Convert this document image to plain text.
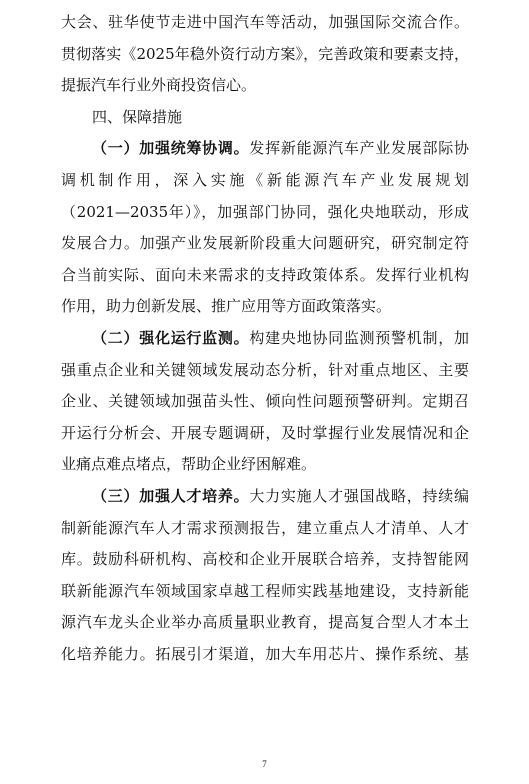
大会、驻华使节走进中国汽车等活动，加强国际交流合作。
贯彻落实《2025年稳外资行动方案》，完善政策和要素支持，
提振汽车行业外商投资信心。
四、保障措施
（一）加强统筹协调。发挥新能源汽车产业发展部际协
调机制作用，深入实施《新能源汽车产业发展规划
（2021—2035年）》，加强部门协同，强化央地联动，形成
发展合力。加强产业发展新阶段重大问题研究，研究制定符
合当前实际、面向未来需求的支持政策体系。发挥行业机构
作用，助力创新发展、推广应用等方面政策落实。
（二）强化运行监测。构建央地协同监测预警机制，加
强重点企业和关键领域发展动态分析，针对重点地区、主要
企业、关键领域加强苗头性、倾向性问题预警研判。定期召
开运行分析会、开展专题调研，及时掌握行业发展情况和企
业痛点难点堵点，帮助企业纾困解难。
（三）加强人才培养。大力实施人才强国战略，持续编
制新能源汽车人才需求预测报告，建立重点人才清单、人才
库。鼓励科研机构、高校和企业开展联合培养，支持智能网
联新能源汽车领域国家卓越工程师实践基地建设，支持新能
源汽车龙头企业举办高质量职业教育，提高复合型人才本土
化培养能力。拓展引才渠道，加大车用芯片、操作系统、基
7
